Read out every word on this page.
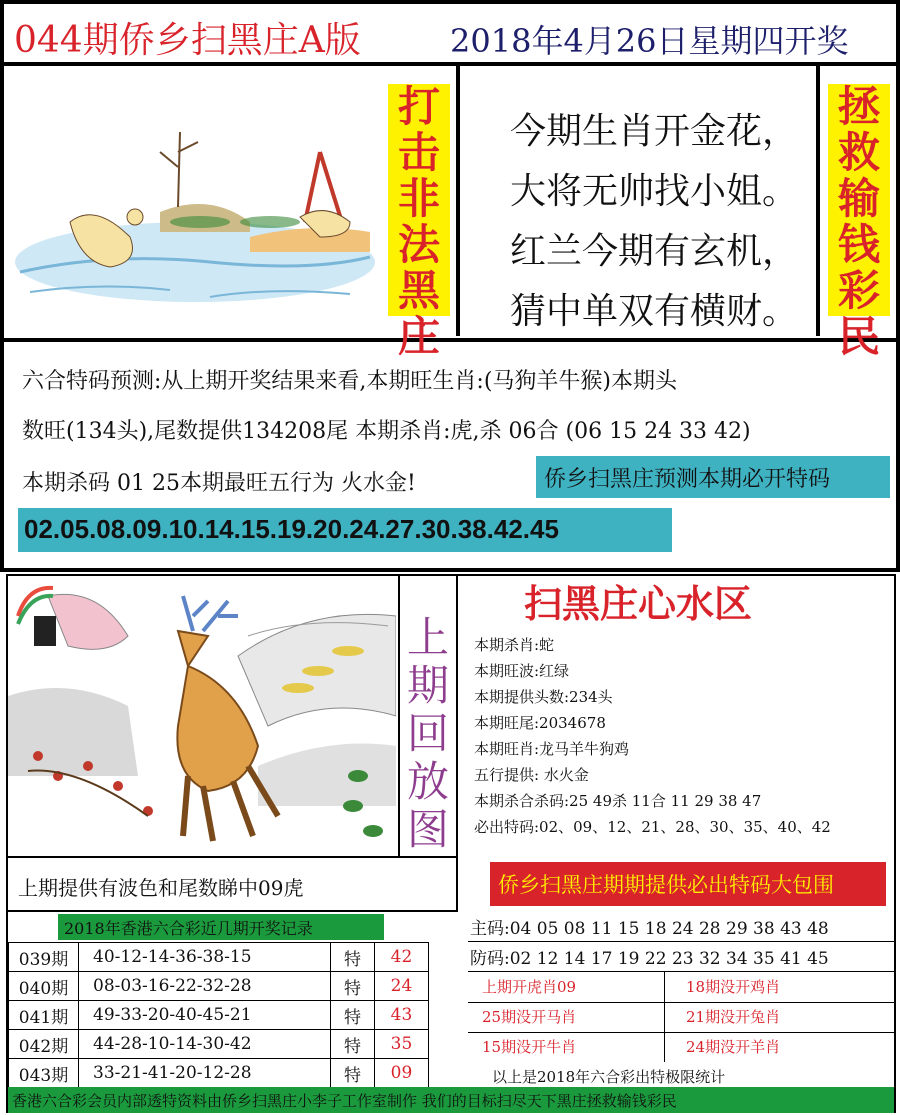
044期侨乡扫黑庄A版	2018年4月26日星期四开奖
打击非法黑庄

今期生肖开金花，

大将无帅找小姐。

红兰今期有玄机，

猜中单双有横财。

拯救输钱彩民
六合特码预测:从上期开奖结果来看,本期旺生肖:(马狗羊牛猴)本期头
数旺(134头),尾数提供134208尾 本期杀肖:虎,杀 06合 (06 15 24 33 42)
本期杀码 01 25本期最旺五行为 火水金!	侨乡扫黑庄预测本期必开特码
02.05.08.09.10.14.15.19.20.24.27.30.38.42.45
上期回放图
扫黑庄心水区
本期杀肖:蛇
本期旺波:红绿
本期提供头数:234头
本期旺尾:2034678
本期旺肖:龙马羊牛狗鸡
五行提供: 水火金
本期杀合杀码:25 49杀 11合 11 29 38 47
必出特码:02、09、12、21、28、30、35、40、42
上期提供有波色和尾数睇中09虎	侨乡扫黑庄期期提供必出特码大包围
2018年香港六合彩近几期开奖记录
039期	40-12-14-36-38-15	特	42
040期	08-03-16-22-32-28	特	24
041期	49-33-20-40-45-21	特	43
042期	44-28-10-14-30-42	特	35
043期	33-21-41-20-12-28	特	09
主码:04 05 08 11 15 18 24 28 29 38 43 48
防码:02 12 14 17 19 22 23 32 34 35 41 45
上期开虎肖09	18期没开鸡肖
25期没开马肖	21期没开兔肖
15期没开牛肖	24期没开羊肖
以上是2018年六合彩出特极限统计
香港六合彩会员内部透特资料由侨乡扫黑庄小李子工作室制作 我们的目标扫尽天下黑庄拯救输钱彩民
